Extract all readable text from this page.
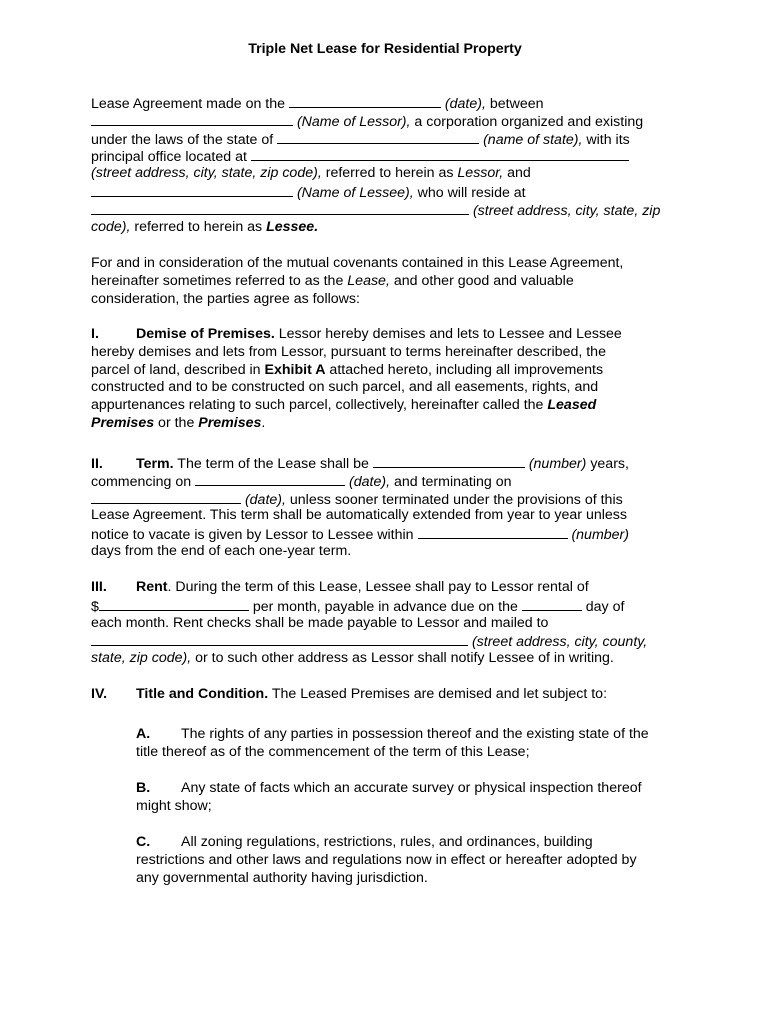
Triple Net Lease for Residential Property
Lease Agreement made on the	(date), between
(Name of Lessor), a corporation organized and existing
under the laws of the state of	(name of state), with its
principal office located at
(street address, city, state, zip code), referred to herein as Lessor, and
(Name of Lessee), who will reside at
(street address, city, state, zip
code), referred to herein as Lessee.
For and in consideration of the mutual covenants contained in this Lease Agreement,
hereinafter sometimes referred to as the Lease, and other good and valuable
consideration, the parties agree as follows:
I.	Demise of Premises. Lessor hereby demises and lets to Lessee and Lessee
hereby demises and lets from Lessor, pursuant to terms hereinafter described, the
parcel of land, described in Exhibit A attached hereto, including all improvements
constructed and to be constructed on such parcel, and all easements, rights, and
appurtenances relating to such parcel, collectively, hereinafter called the Leased
Premises or the Premises.
II. Term. The term of the Lease shall be	(number) years,
commencing on	(date), and terminating on
(date), unless sooner terminated under the provisions of this
Lease Agreement. This term shall be automatically extended from year to year unless
notice to vacate is given by Lessor to Lessee within	(number)
days from the end of each one-year term.
III. Rent. During the term of this Lease, Lessee shall pay to Lessor rental of
$	per month, payable in advance due on the	day of
each month. Rent checks shall be made payable to Lessor and mailed to
(street address, city, county,
state, zip code), or to such other address as Lessor shall notify Lessee of in writing.
IV. Title and Condition. The Leased Premises are demised and let subject to:
A. The rights of any parties in possession thereof and the existing state of the
title thereof as of the commencement of the term of this Lease;
B. Any state of facts which an accurate survey or physical inspection thereof
might show;
C. All zoning regulations, restrictions, rules, and ordinances, building
restrictions and other laws and regulations now in effect or hereafter adopted by
any governmental authority having jurisdiction.
